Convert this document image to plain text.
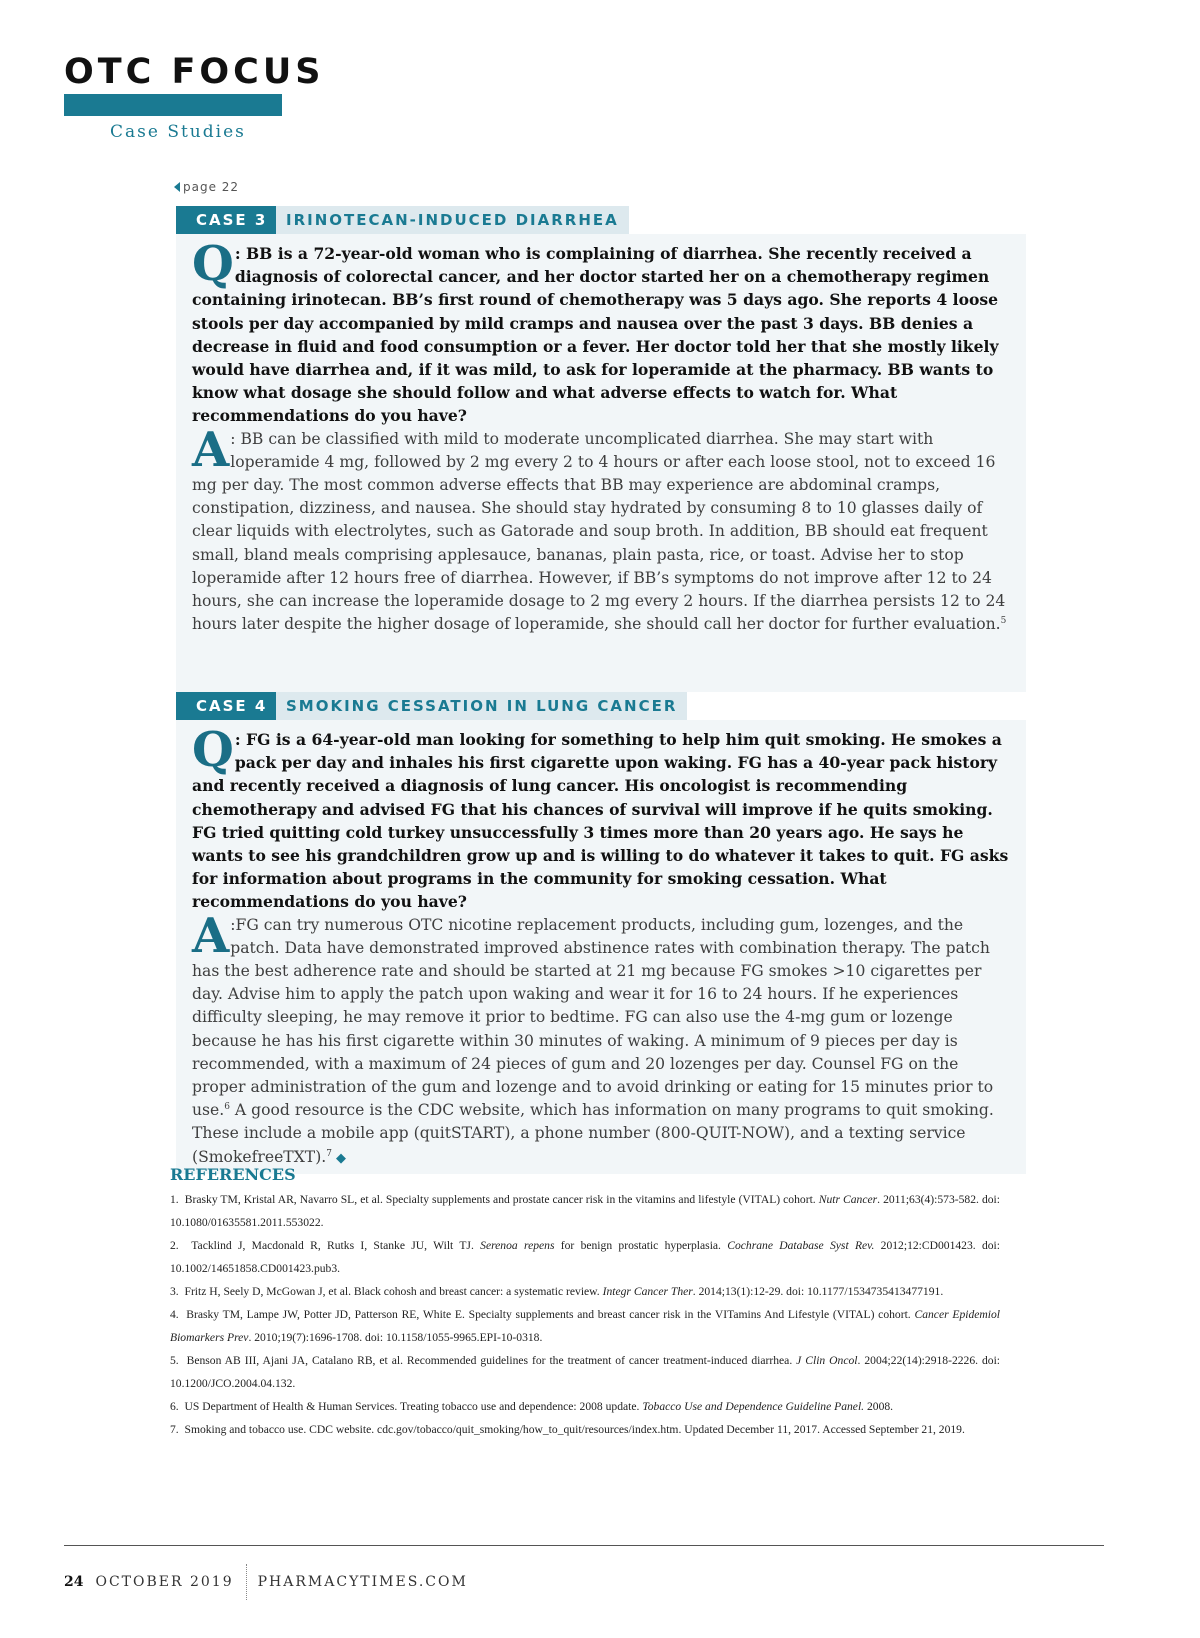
OTC FOCUS
Case Studies
page 22
CASE 3	IRINOTECAN-INDUCED DIARRHEA

Q : BB is a 72-year-old woman who is complaining of diarrhea. She recently received a diagnosis of colorectal cancer, and her doctor started her on a chemotherapy regimen containing irinotecan. BB’s first round of chemotherapy was 5 days ago. She reports 4 loose stools per day accompanied by mild cramps and nausea over the past 3 days. BB denies a decrease in fluid and food consumption or a fever. Her doctor told her that she mostly likely would have diarrhea and, if it was mild, to ask for loperamide at the pharmacy. BB wants to know what dosage she should follow and what adverse effects to watch for. What recommendations do you have?

A : BB can be classified with mild to moderate uncomplicated diarrhea. She may start with loperamide 4 mg, followed by 2 mg every 2 to 4 hours or after each loose stool, not to exceed 16 mg per day. The most common adverse effects that BB may experience are abdominal cramps, constipation, dizziness, and nausea. She should stay hydrated by consuming 8 to 10 glasses daily of clear liquids with electrolytes, such as Gatorade and soup broth. In addition, BB should eat frequent small, bland meals comprising applesauce, bananas, plain pasta, rice, or toast. Advise her to stop loperamide after 12 hours free of diarrhea. However, if BB’s symptoms do not improve after 12 to 24 hours, she can increase the loperamide dosage to 2 mg every 2 hours. If the diarrhea persists 12 to 24 hours later despite the higher dosage of loperamide, she should call her doctor for further evaluation.$^5$

CASE 4	SMOKING CESSATION IN LUNG CANCER

Q : FG is a 64-year-old man looking for something to help him quit smoking. He smokes a pack per day and inhales his first cigarette upon waking. FG has a 40-year pack history and recently received a diagnosis of lung cancer. His oncologist is recommending chemotherapy and advised FG that his chances of survival will improve if he quits smoking. FG tried quitting cold turkey unsuccessfully 3 times more than 20 years ago. He says he wants to see his grandchildren grow up and is willing to do whatever it takes to quit. FG asks for information about programs in the community for smoking cessation. What recommendations do you have?

A :FG can try numerous OTC nicotine replacement products, including gum, lozenges, and the patch. Data have demonstrated improved abstinence rates with combination therapy. The patch has the best adherence rate and should be started at 21 mg because FG smokes >10 cigarettes per day. Advise him to apply the patch upon waking and wear it for 16 to 24 hours. If he experiences difficulty sleeping, he may remove it prior to bedtime. FG can also use the 4-mg gum or lozenge because he has his first cigarette within 30 minutes of waking. A minimum of 9 pieces per day is recommended, with a maximum of 24 pieces of gum and 20 lozenges per day. Counsel FG on the proper administration of the gum and lozenge and to avoid drinking or eating for 15 minutes prior to use.$^6$ A good resource is the CDC website, which has information on many programs to quit smoking. These include a mobile app (quitSTART), a phone number (800-QUIT-NOW), and a texting service (SmokefreeTXT).$^7$ ◆

REFERENCES

1. Brasky TM, Kristal AR, Navarro SL, et al. Specialty supplements and prostate cancer risk in the vitamins and lifestyle (VITAL) cohort. Nutr Cancer. 2011;63(4):573-582. doi: 10.1080/01635581.2011.553022.

2. Tacklind J, Macdonald R, Rutks I, Stanke JU, Wilt TJ. Serenoa repens for benign prostatic hyperplasia. Cochrane Database Syst Rev. 2012;12:CD001423. doi: 10.1002/14651858.CD001423.pub3.

3. Fritz H, Seely D, McGowan J, et al. Black cohosh and breast cancer: a systematic review. Integr Cancer Ther. 2014;13(1):12-29. doi: 10.1177/1534735413477191.

4. Brasky TM, Lampe JW, Potter JD, Patterson RE, White E. Specialty supplements and breast cancer risk in the VITamins And Lifestyle (VITAL) cohort. Cancer Epidemiol Biomarkers Prev. 2010;19(7):1696-1708. doi: 10.1158/1055-9965.EPI-10-0318.

5. Benson AB III, Ajani JA, Catalano RB, et al. Recommended guidelines for the treatment of cancer treatment-induced diarrhea. J Clin Oncol. 2004;22(14):2918-2226. doi: 10.1200/JCO.2004.04.132.

6. US Department of Health & Human Services. Treating tobacco use and dependence: 2008 update. Tobacco Use and Dependence Guideline Panel. 2008.

7. Smoking and tobacco use. CDC website. cdc.gov/tobacco/quit_smoking/how_to_quit/resources/index.htm. Updated December 11, 2017. Accessed September 21, 2019.

24 OCTOBER 2019 PHARMACYTIMES.COM
